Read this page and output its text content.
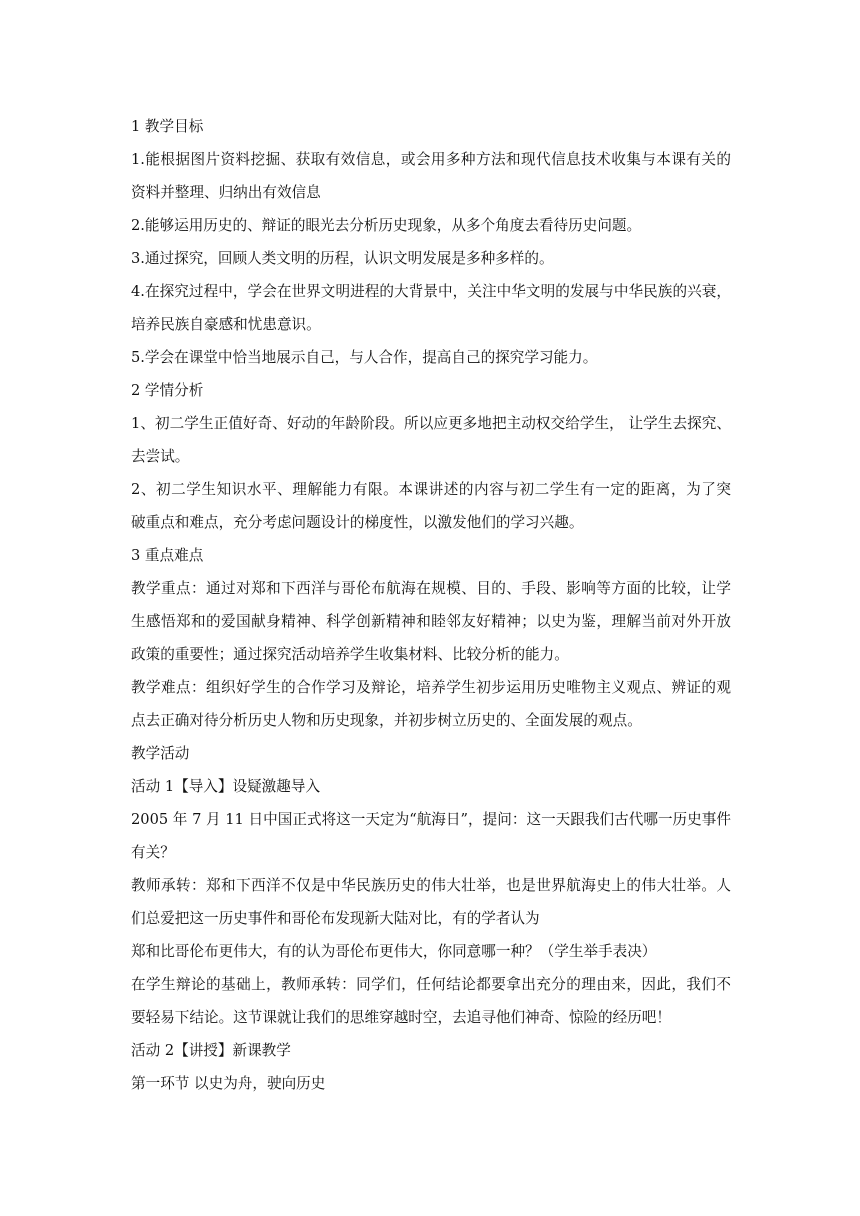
1 教学目标
1.能根据图片资料挖掘、获取有效信息，或会用多种方法和现代信息技术收集与本课有关的
资料并整理、归纳出有效信息
2.能够运用历史的、辩证的眼光去分析历史现象，从多个角度去看待历史问题。
3.通过探究，回顾人类文明的历程，认识文明发展是多种多样的。
4.在探究过程中，学会在世界文明进程的大背景中，关注中华文明的发展与中华民族的兴衰，
培养民族自豪感和忧患意识。
5.学会在课堂中恰当地展示自己，与人合作，提高自己的探究学习能力。
2 学情分析
1、初二学生正值好奇、好动的年龄阶段。所以应更多地把主动权交给学生， 让学生去探究、
去尝试。
2、初二学生知识水平、理解能力有限。本课讲述的内容与初二学生有一定的距离，为了突
破重点和难点，充分考虑问题设计的梯度性，以激发他们的学习兴趣。
3 重点难点
教学重点：通过对郑和下西洋与哥伦布航海在规模、目的、手段、影响等方面的比较，让学
生感悟郑和的爱国献身精神、科学创新精神和睦邻友好精神；以史为鉴，理解当前对外开放
政策的重要性；通过探究活动培养学生收集材料、比较分析的能力。
教学难点：组织好学生的合作学习及辩论，培养学生初步运用历史唯物主义观点、辨证的观
点去正确对待分析历史人物和历史现象，并初步树立历史的、全面发展的观点。
教学活动
活动 1【导入】设疑激趣导入
2005 年 7 月 11 日中国正式将这一天定为“航海日”，提问：这一天跟我们古代哪一历史事件
有关？
教师承转：郑和下西洋不仅是中华民族历史的伟大壮举，也是世界航海史上的伟大壮举。人
们总爱把这一历史事件和哥伦布发现新大陆对比，有的学者认为
郑和比哥伦布更伟大，有的认为哥伦布更伟大，你同意哪一种？（学生举手表决）
在学生辩论的基础上，教师承转：同学们，任何结论都要拿出充分的理由来，因此，我们不
要轻易下结论。这节课就让我们的思维穿越时空，去追寻他们神奇、惊险的经历吧！
活动 2【讲授】新课教学
第一环节 以史为舟，驶向历史
